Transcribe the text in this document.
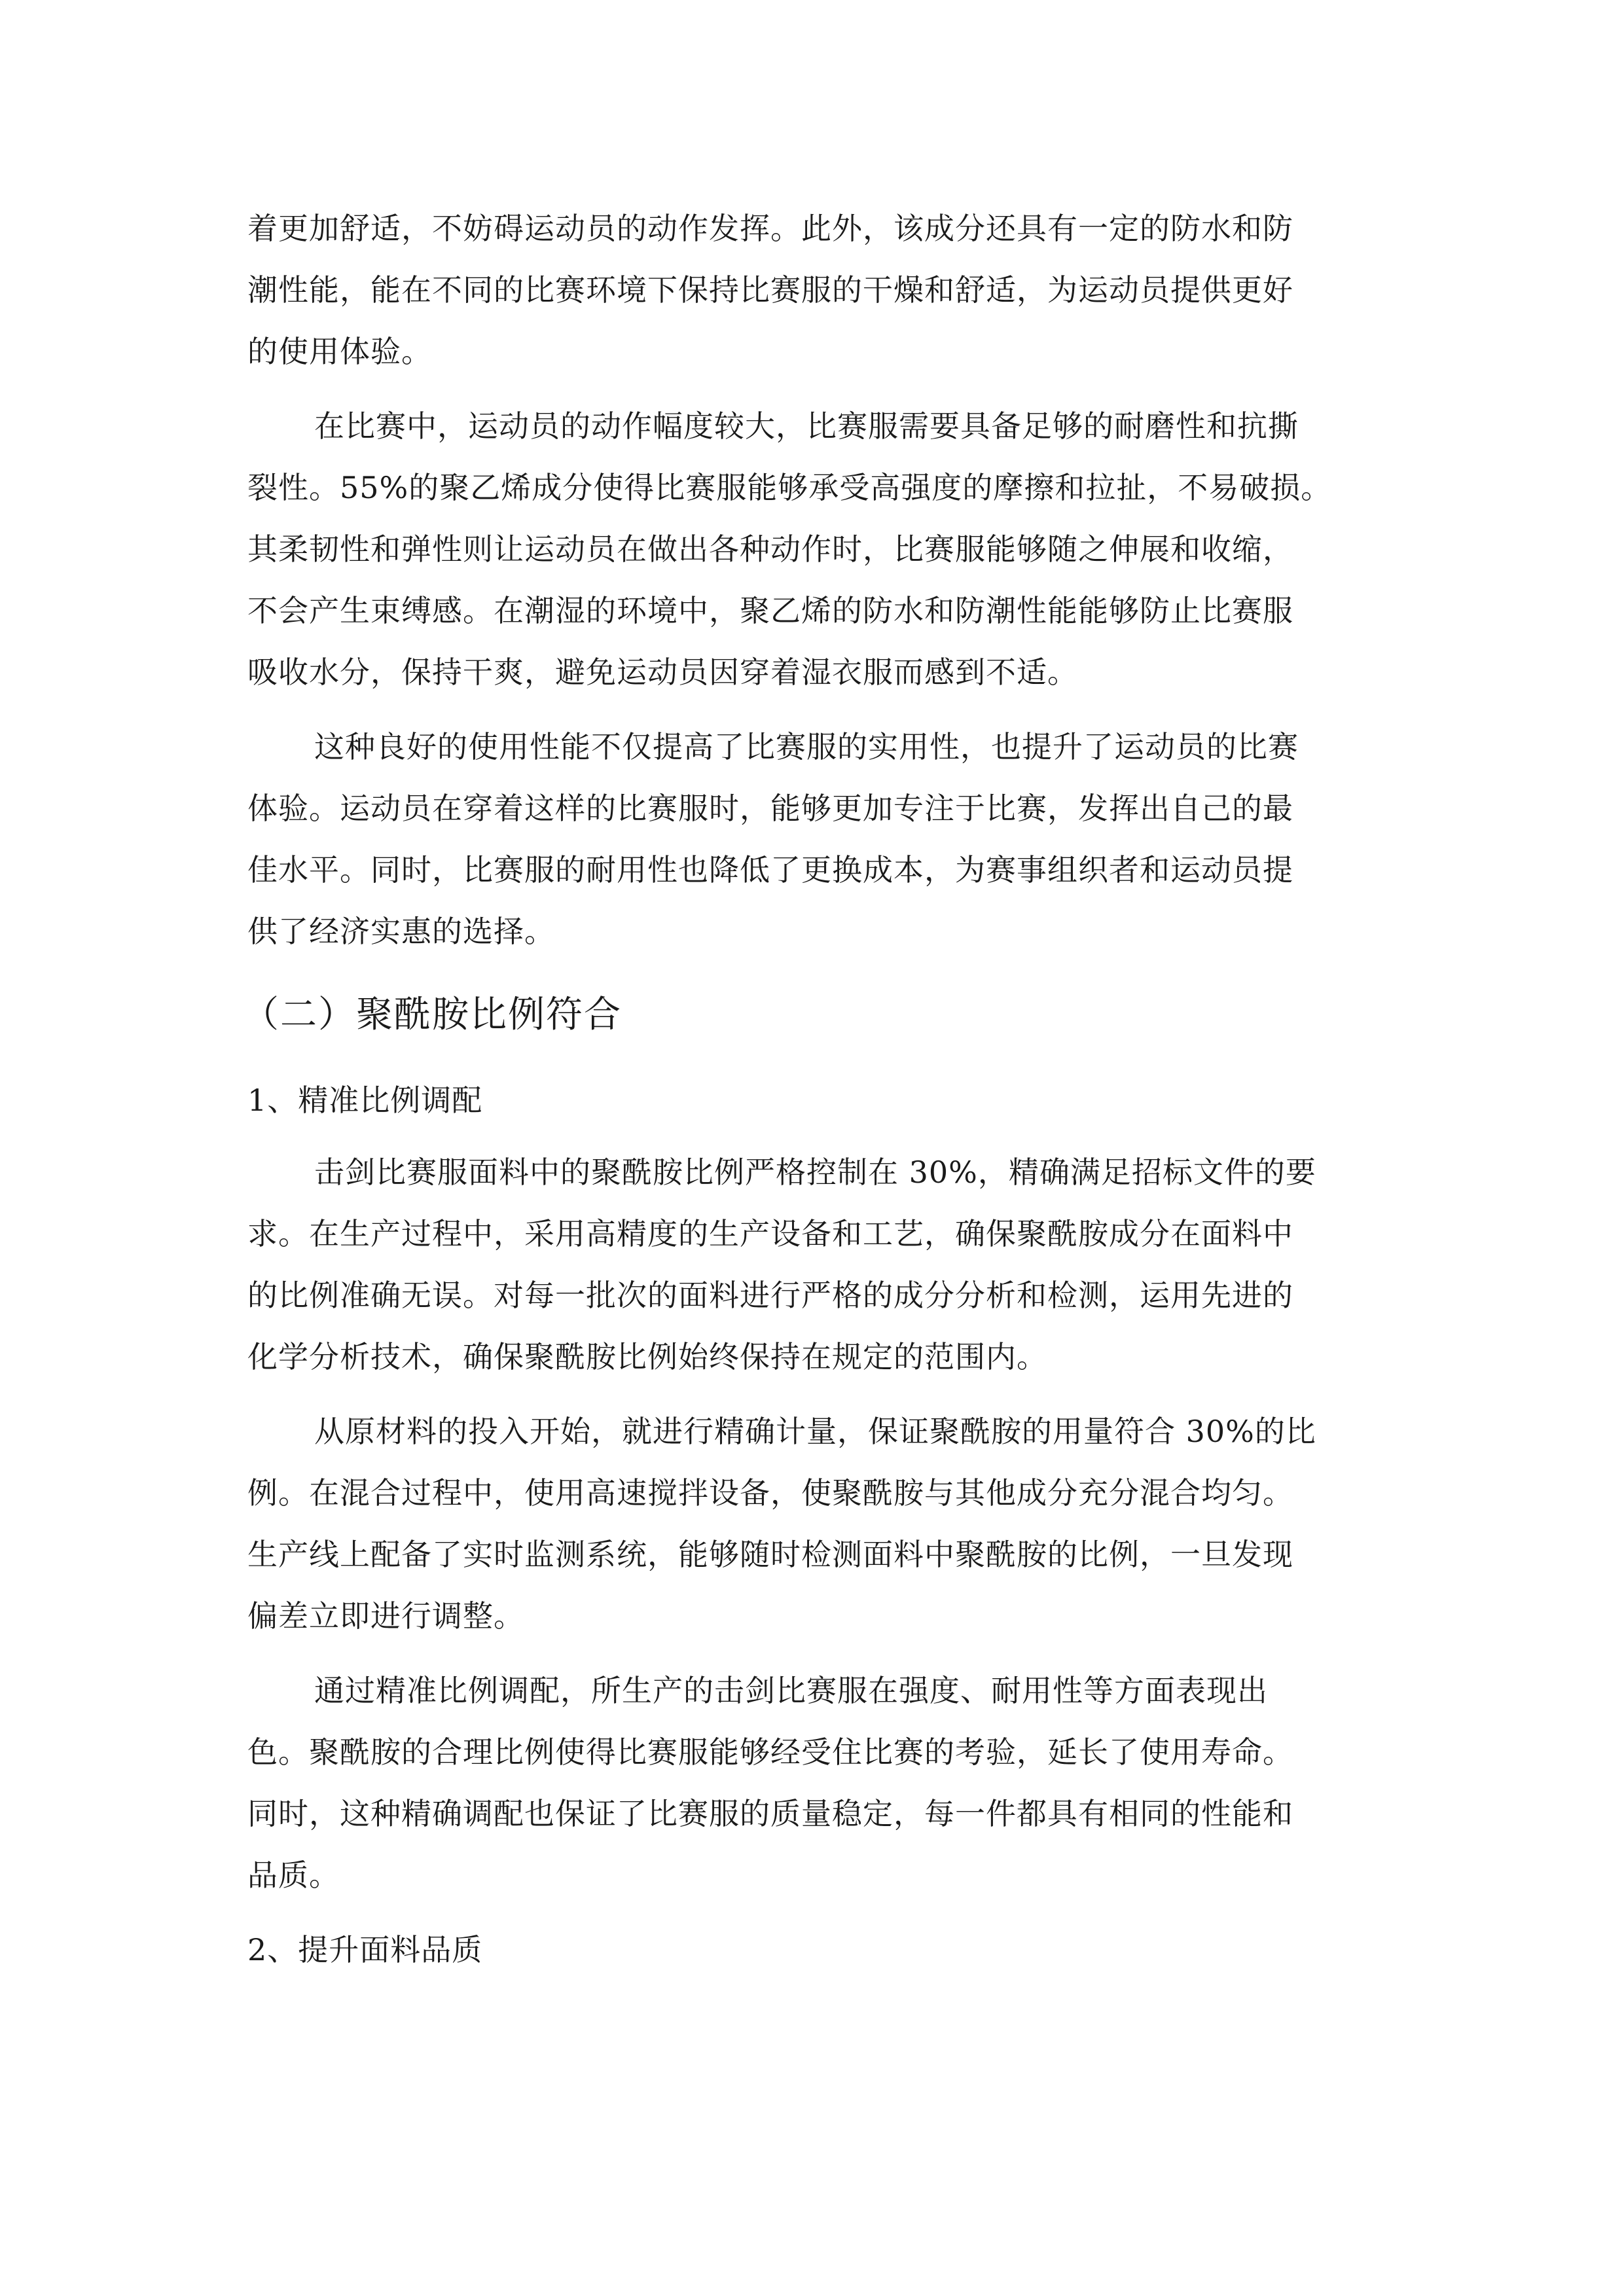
着更加舒适，不妨碍运动员的动作发挥。此外，该成分还具有一定的防水和防

潮性能，能在不同的比赛环境下保持比赛服的干燥和舒适，为运动员提供更好

的使用体验。

在比赛中，运动员的动作幅度较大，比赛服需要具备足够的耐磨性和抗撕

裂性。55%的聚乙烯成分使得比赛服能够承受高强度的摩擦和拉扯，不易破损。

其柔韧性和弹性则让运动员在做出各种动作时，比赛服能够随之伸展和收缩，

不会产生束缚感。在潮湿的环境中，聚乙烯的防水和防潮性能能够防止比赛服

吸收水分，保持干爽，避免运动员因穿着湿衣服而感到不适。

这种良好的使用性能不仅提高了比赛服的实用性，也提升了运动员的比赛

体验。运动员在穿着这样的比赛服时，能够更加专注于比赛，发挥出自己的最

佳水平。同时，比赛服的耐用性也降低了更换成本，为赛事组织者和运动员提

供了经济实惠的选择。

（二）聚酰胺比例符合
1、精准比例调配

击剑比赛服面料中的聚酰胺比例严格控制在 30%，精确满足招标文件的要

求。在生产过程中，采用高精度的生产设备和工艺，确保聚酰胺成分在面料中

的比例准确无误。对每一批次的面料进行严格的成分分析和检测，运用先进的

化学分析技术，确保聚酰胺比例始终保持在规定的范围内。

从原材料的投入开始，就进行精确计量，保证聚酰胺的用量符合 30%的比

例。在混合过程中，使用高速搅拌设备，使聚酰胺与其他成分充分混合均匀。

生产线上配备了实时监测系统，能够随时检测面料中聚酰胺的比例，一旦发现

偏差立即进行调整。

通过精准比例调配，所生产的击剑比赛服在强度、耐用性等方面表现出

色。聚酰胺的合理比例使得比赛服能够经受住比赛的考验，延长了使用寿命。

同时，这种精确调配也保证了比赛服的质量稳定，每一件都具有相同的性能和

品质。

2、提升面料品质
